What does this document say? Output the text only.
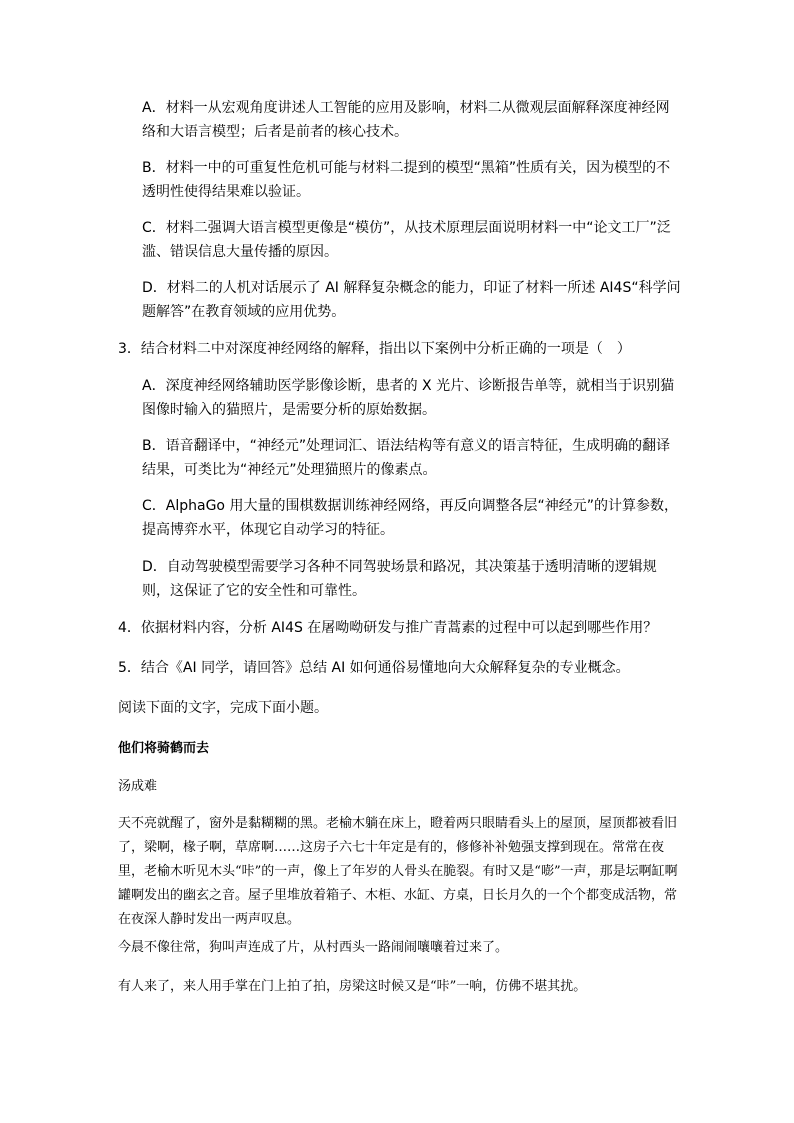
A．材料一从宏观角度讲述人工智能的应用及影响，材料二从微观层面解释深度神经网络和大语言模型；后者是前者的核心技术。

B．材料一中的可重复性危机可能与材料二提到的模型“黑箱”性质有关，因为模型的不透明性使得结果难以验证。

C．材料二强调大语言模型更像是“模仿”，从技术原理层面说明材料一中“论文工厂”泛滥、错误信息大量传播的原因。

D．材料二的人机对话展示了 AI 解释复杂概念的能力，印证了材料一所述 AI4S“科学问题解答”在教育领域的应用优势。

3．结合材料二中对深度神经网络的解释，指出以下案例中分析正确的一项是（　）

A．深度神经网络辅助医学影像诊断，患者的 X 光片、诊断报告单等，就相当于识别猫图像时输入的猫照片，是需要分析的原始数据。

B．语音翻译中，“神经元”处理词汇、语法结构等有意义的语言特征，生成明确的翻译结果，可类比为“神经元”处理猫照片的像素点。

C．AlphaGo 用大量的围棋数据训练神经网络，再反向调整各层“神经元”的计算参数，提高博弈水平，体现它自动学习的特征。

D．自动驾驶模型需要学习各种不同驾驶场景和路况，其决策基于透明清晰的逻辑规则，这保证了它的安全性和可靠性。

4．依据材料内容，分析 AI4S 在屠呦呦研发与推广青蒿素的过程中可以起到哪些作用？

5．结合《AI 同学，请回答》总结 AI 如何通俗易懂地向大众解释复杂的专业概念。

阅读下面的文字，完成下面小题。

他们将骑鹤而去

汤成难

天不亮就醒了，窗外是黏糊糊的黑。老榆木躺在床上，瞪着两只眼睛看头上的屋顶，屋顶都被看旧了，梁啊，椽子啊，草席啊……这房子六七十年定是有的，修修补补勉强支撑到现在。常常在夜里，老榆木听见木头“咔”的一声，像上了年岁的人骨头在脆裂。有时又是“嘭”一声，那是坛啊缸啊罐啊发出的幽玄之音。屋子里堆放着箱子、木柜、水缸、方桌，日长月久的一个个都变成活物，常在夜深人静时发出一两声叹息。

今晨不像往常，狗叫声连成了片，从村西头一路闹闹嚷嚷着过来了。

有人来了，来人用手掌在门上拍了拍，房梁这时候又是“咔”一响，仿佛不堪其扰。
